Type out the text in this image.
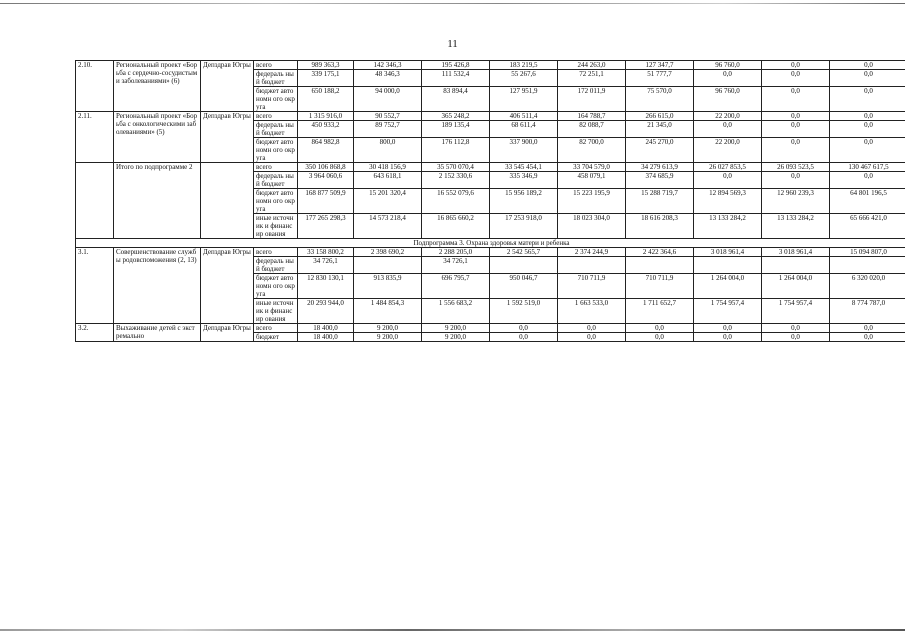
11
2.10.	Региональный проект «Борьба с сердечно-сосудистыми заболеваниями» (6)	Депздрав Югры	всего	989 363,3	142 346,3	195 426,8	183 219,5	244 263,0	127 347,7	96 760,0	0,0	0,0
			федераль ный бюджет	339 175,1	48 346,3	111 532,4	55 267,6	72 251,1	51 777,7	0,0	0,0	0,0
			бюджет автономн ого округа	650 188,2	94 000,0	83 894,4	127 951,9	172 011,9	75 570,0	96 760,0	0,0	0,0
2.11.	Региональный проект «Борьба с онкологическими заболеваниями» (5)	Депздрав Югры	всего	1 315 916,0	90 552,7	365 248,2	406 511,4	164 788,7	266 615,0	22 200,0	0,0	0,0
			федераль ный бюджет	450 933,2	89 752,7	189 135,4	68 611,4	82 088,7	21 345,0	0,0	0,0	0,0
			бюджет автономн ого округа	864 982,8	800,0	176 112,8	337 900,0	82 700,0	245 270,0	22 200,0	0,0	0,0
	Итого по подпрограмме 2		всего	350 106 868,8	30 418 156,9	35 570 070,4	33 545 454,1	33 704 579,0	34 279 613,9	26 027 853,5	26 093 523,5	130 467 617,5
			федераль ный бюджет	3 964 060,6	643 618,1	2 152 330,6	335 346,9	458 079,1	374 685,9	0,0	0,0	0,0
			бюджет автономн ого округа	168 877 509,9	15 201 320,4	16 552 079,6	15 956 189,2	15 223 195,9	15 288 719,7	12 894 569,3	12 960 239,3	64 801 196,5
			иные источник и финансир ования	177 265 298,3	14 573 218,4	16 865 660,2	17 253 918,0	18 023 304,0	18 616 208,3	13 133 284,2	13 133 284,2	65 666 421,0
Подпрограмма 3. Охрана здоровья матери и ребенка												
3.1.	Совершенствование службы родовспоможения (2, 13)	Депздрав Югры	всего	33 158 800,2	2 398 690,2	2 288 205,0	2 542 565,7	2 374 244,9	2 422 364,6	3 018 961,4	3 018 961,4	15 094 807,0
			федераль ный бюджет	34 726,1		34 726,1						
			бюджет автономн ого округа	12 830 130,1	913 835,9	696 795,7	950 046,7	710 711,9	710 711,9	1 264 004,0	1 264 004,0	6 320 020,0
			иные источник и финансир ования	20 293 944,0	1 484 854,3	1 556 683,2	1 592 519,0	1 663 533,0	1 711 652,7	1 754 957,4	1 754 957,4	8 774 787,0
3.2.	Выхаживание детей с экстремально	Депздрав Югры	всего	18 400,0	9 200,0	9 200,0	0,0	0,0	0,0	0,0	0,0	0,0
			бюджет	18 400,0	9 200,0	9 200,0	0,0	0,0	0,0	0,0	0,0	0,0
